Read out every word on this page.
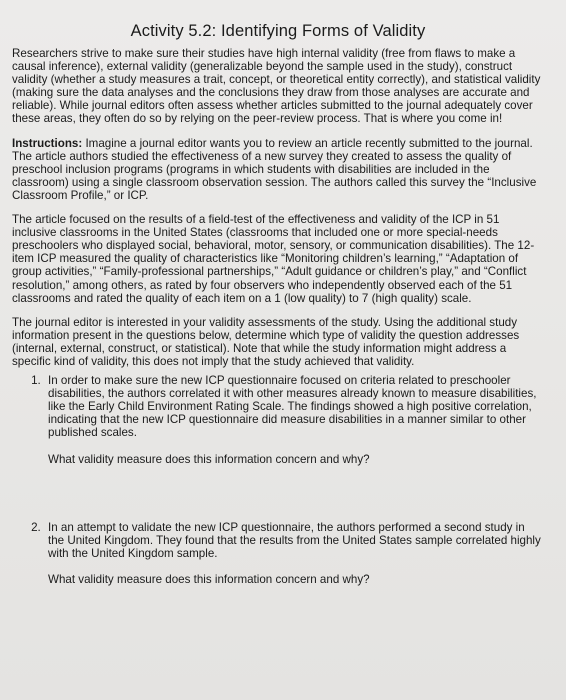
Activity 5.2: Identifying Forms of Validity

Researchers strive to make sure their studies have high internal validity (free from flaws to make a causal inference), external validity (generalizable beyond the sample used in the study), construct validity (whether a study measures a trait, concept, or theoretical entity correctly), and statistical validity (making sure the data analyses and the conclusions they draw from those analyses are accurate and reliable). While journal editors often assess whether articles submitted to the journal adequately cover these areas, they often do so by relying on the peer-review process. That is where you come in!

Instructions: Imagine a journal editor wants you to review an article recently submitted to the journal. The article authors studied the effectiveness of a new survey they created to assess the quality of preschool inclusion programs (programs in which students with disabilities are included in the classroom) using a single classroom observation session. The authors called this survey the “Inclusive Classroom Profile,” or ICP.

The article focused on the results of a field-test of the effectiveness and validity of the ICP in 51 inclusive classrooms in the United States (classrooms that included one or more special-needs preschoolers who displayed social, behavioral, motor, sensory, or communication disabilities). The 12-item ICP measured the quality of characteristics like “Monitoring children’s learning,” “Adaptation of group activities,” “Family-professional partnerships,” “Adult guidance or children’s play,” and “Conflict resolution,” among others, as rated by four observers who independently observed each of the 51 classrooms and rated the quality of each item on a 1 (low quality) to 7 (high quality) scale.

The journal editor is interested in your validity assessments of the study. Using the additional study information present in the questions below, determine which type of validity the question addresses (internal, external, construct, or statistical). Note that while the study information might address a specific kind of validity, this does not imply that the study achieved that validity.

1. In order to make sure the new ICP questionnaire focused on criteria related to preschooler disabilities, the authors correlated it with other measures already known to measure disabilities, like the Early Child Environment Rating Scale. The findings showed a high positive correlation, indicating that the new ICP questionnaire did measure disabilities in a manner similar to other published scales.

What validity measure does this information concern and why?

2. In an attempt to validate the new ICP questionnaire, the authors performed a second study in the United Kingdom. They found that the results from the United States sample correlated highly with the United Kingdom sample.

What validity measure does this information concern and why?
